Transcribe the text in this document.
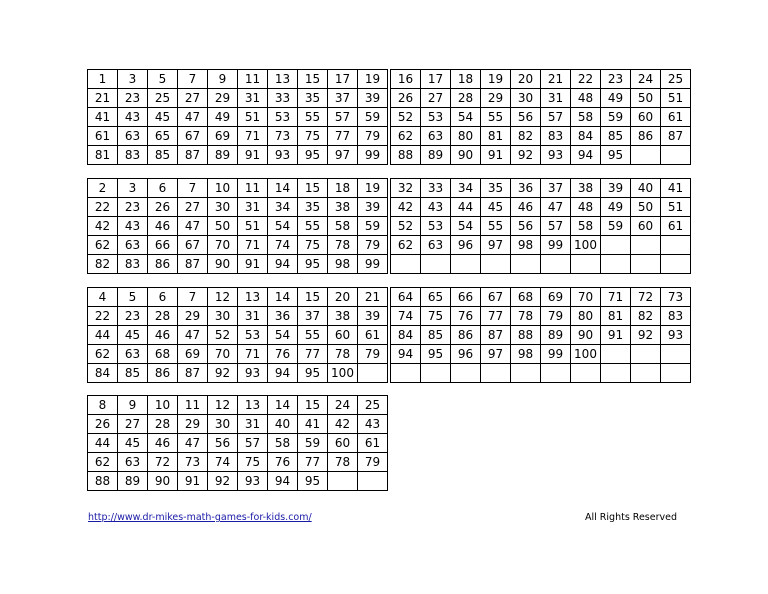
1	3	5	7	9	11	13	15	17	19
21	23	25	27	29	31	33	35	37	39
41	43	45	47	49	51	53	55	57	59
61	63	65	67	69	71	73	75	77	79
81	83	85	87	89	91	93	95	97	99
16	17	18	19	20	21	22	23	24	25
26	27	28	29	30	31	48	49	50	51
52	53	54	55	56	57	58	59	60	61
62	63	80	81	82	83	84	85	86	87
88	89	90	91	92	93	94	95		
2	3	6	7	10	11	14	15	18	19
22	23	26	27	30	31	34	35	38	39
42	43	46	47	50	51	54	55	58	59
62	63	66	67	70	71	74	75	78	79
82	83	86	87	90	91	94	95	98	99
32	33	34	35	36	37	38	39	40	41
42	43	44	45	46	47	48	49	50	51
52	53	54	55	56	57	58	59	60	61
62	63	96	97	98	99	100			

4	5	6	7	12	13	14	15	20	21
22	23	28	29	30	31	36	37	38	39
44	45	46	47	52	53	54	55	60	61
62	63	68	69	70	71	76	77	78	79
84	85	86	87	92	93	94	95	100	
64	65	66	67	68	69	70	71	72	73
74	75	76	77	78	79	80	81	82	83
84	85	86	87	88	89	90	91	92	93
94	95	96	97	98	99	100			

8	9	10	11	12	13	14	15	24	25
26	27	28	29	30	31	40	41	42	43
44	45	46	47	56	57	58	59	60	61
62	63	72	73	74	75	76	77	78	79
88	89	90	91	92	93	94	95		
http://www.dr-mikes-math-games-for-kids.com/	All Rights Reserved
